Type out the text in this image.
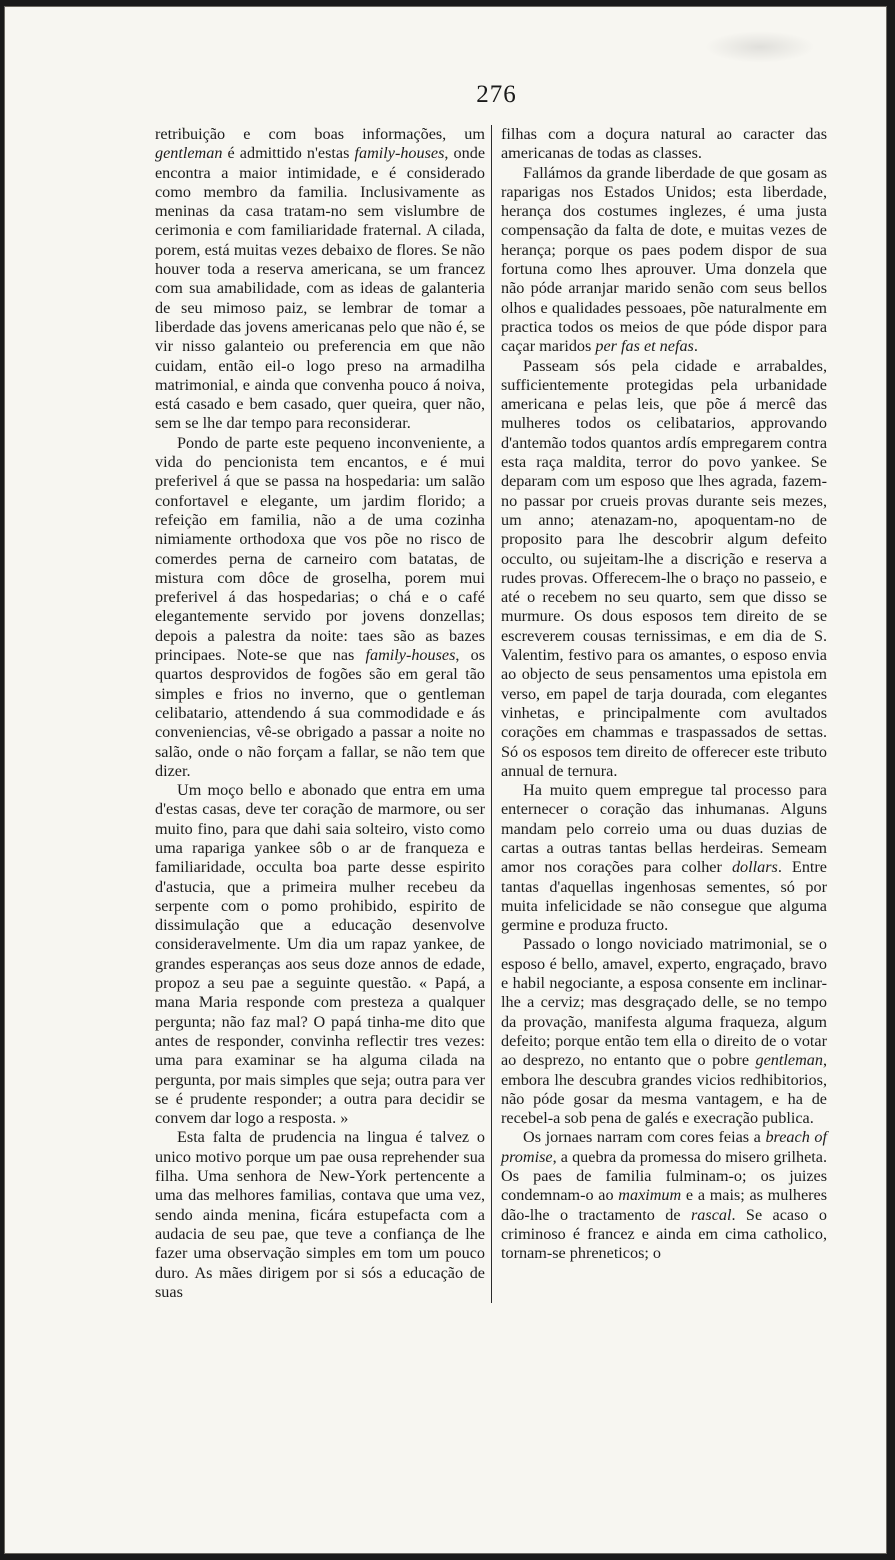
276

retribuição e com boas informações, um gentleman é admittido n'estas family-houses, onde encontra a maior intimidade, e é considerado como membro da familia. Inclusivamente as meninas da casa tratam-no sem vislumbre de cerimonia e com familiaridade fraternal. A cilada, porem, está muitas vezes debaixo de flores. Se não houver toda a reserva americana, se um francez com sua amabilidade, com as ideas de galanteria de seu mimoso paiz, se lembrar de tomar a liberdade das jovens americanas pelo que não é, se vir nisso galanteio ou preferencia em que não cuidam, então eil-o logo preso na armadilha matrimonial, e ainda que convenha pouco á noiva, está casado e bem casado, quer queira, quer não, sem se lhe dar tempo para reconsiderar.

Pondo de parte este pequeno inconveniente, a vida do pencionista tem encantos, e é mui preferivel á que se passa na hospedaria: um salão confortavel e elegante, um jardim florido; a refeição em familia, não a de uma cozinha nimiamente orthodoxa que vos põe no risco de comerdes perna de carneiro com batatas, de mistura com dôce de groselha, porem mui preferivel á das hospedarias; o chá e o café elegantemente servido por jovens donzellas; depois a palestra da noite: taes são as bazes principaes. Note-se que nas family-houses, os quartos desprovidos de fogões são em geral tão simples e frios no inverno, que o gentleman celibatario, attendendo á sua commodidade e ás conveniencias, vê-se obrigado a passar a noite no salão, onde o não forçam a fallar, se não tem que dizer.

Um moço bello e abonado que entra em uma d'estas casas, deve ter coração de marmore, ou ser muito fino, para que dahi saia solteiro, visto como uma rapariga yankee sôb o ar de franqueza e familiaridade, occulta boa parte desse espirito d'astucia, que a primeira mulher recebeu da serpente com o pomo prohibido, espirito de dissimulação que a educação desenvolve consideravelmente. Um dia um rapaz yankee, de grandes esperanças aos seus doze annos de edade, propoz a seu pae a seguinte questão. « Papá, a mana Maria responde com presteza a qualquer pergunta; não faz mal? O papá tinha-me dito que antes de responder, convinha reflectir tres vezes: uma para examinar se ha alguma cilada na pergunta, por mais simples que seja; outra para ver se é prudente responder; a outra para decidir se convem dar logo a resposta. »

Esta falta de prudencia na lingua é talvez o unico motivo porque um pae ousa reprehender sua filha. Uma senhora de New-York pertencente a uma das melhores familias, contava que uma vez, sendo ainda menina, ficára estupefacta com a audacia de seu pae, que teve a confiança de lhe fazer uma observação simples em tom um pouco duro. As mães dirigem por si sós a educação de suas

filhas com a doçura natural ao caracter das americanas de todas as classes.

Fallámos da grande liberdade de que gosam as raparigas nos Estados Unidos; esta liberdade, herança dos costumes inglezes, é uma justa compensação da falta de dote, e muitas vezes de herança; porque os paes podem dispor de sua fortuna como lhes aprouver. Uma donzela que não póde arranjar marido senão com seus bellos olhos e qualidades pessoaes, põe naturalmente em practica todos os meios de que póde dispor para caçar maridos per fas et nefas.

Passeam sós pela cidade e arrabaldes, sufficientemente protegidas pela urbanidade americana e pelas leis, que põe á mercê das mulheres todos os celibatarios, approvando d'antemão todos quantos ardís empregarem contra esta raça maldita, terror do povo yankee. Se deparam com um esposo que lhes agrada, fazem-no passar por crueis provas durante seis mezes, um anno; atenazam-no, apoquentam-no de proposito para lhe descobrir algum defeito occulto, ou sujeitam-lhe a discrição e reserva a rudes provas. Offerecem-lhe o braço no passeio, e até o recebem no seu quarto, sem que disso se murmure. Os dous esposos tem direito de se escreverem cousas ternissimas, e em dia de S. Valentim, festivo para os amantes, o esposo envia ao objecto de seus pensamentos uma epistola em verso, em papel de tarja dourada, com elegantes vinhetas, e principalmente com avultados corações em chammas e traspassados de settas. Só os esposos tem direito de offerecer este tributo annual de ternura.

Ha muito quem empregue tal processo para enternecer o coração das inhumanas. Alguns mandam pelo correio uma ou duas duzias de cartas a outras tantas bellas herdeiras. Semeam amor nos corações para colher dollars. Entre tantas d'aquellas ingenhosas sementes, só por muita infelicidade se não consegue que alguma germine e produza fructo.

Passado o longo noviciado matrimonial, se o esposo é bello, amavel, experto, engraçado, bravo e habil negociante, a esposa consente em inclinar-lhe a cerviz; mas desgraçado delle, se no tempo da provação, manifesta alguma fraqueza, algum defeito; porque então tem ella o direito de o votar ao desprezo, no entanto que o pobre gentleman, embora lhe descubra grandes vicios redhibitorios, não póde gosar da mesma vantagem, e ha de recebel-a sob pena de galés e execração publica.

Os jornaes narram com cores feias a breach of promise, a quebra da promessa do misero grilheta. Os paes de familia fulminam-o; os juizes condemnam-o ao maximum e a mais; as mulheres dão-lhe o tractamento de rascal. Se acaso o criminoso é francez e ainda em cima catholico, tornam-se phreneticos; o
